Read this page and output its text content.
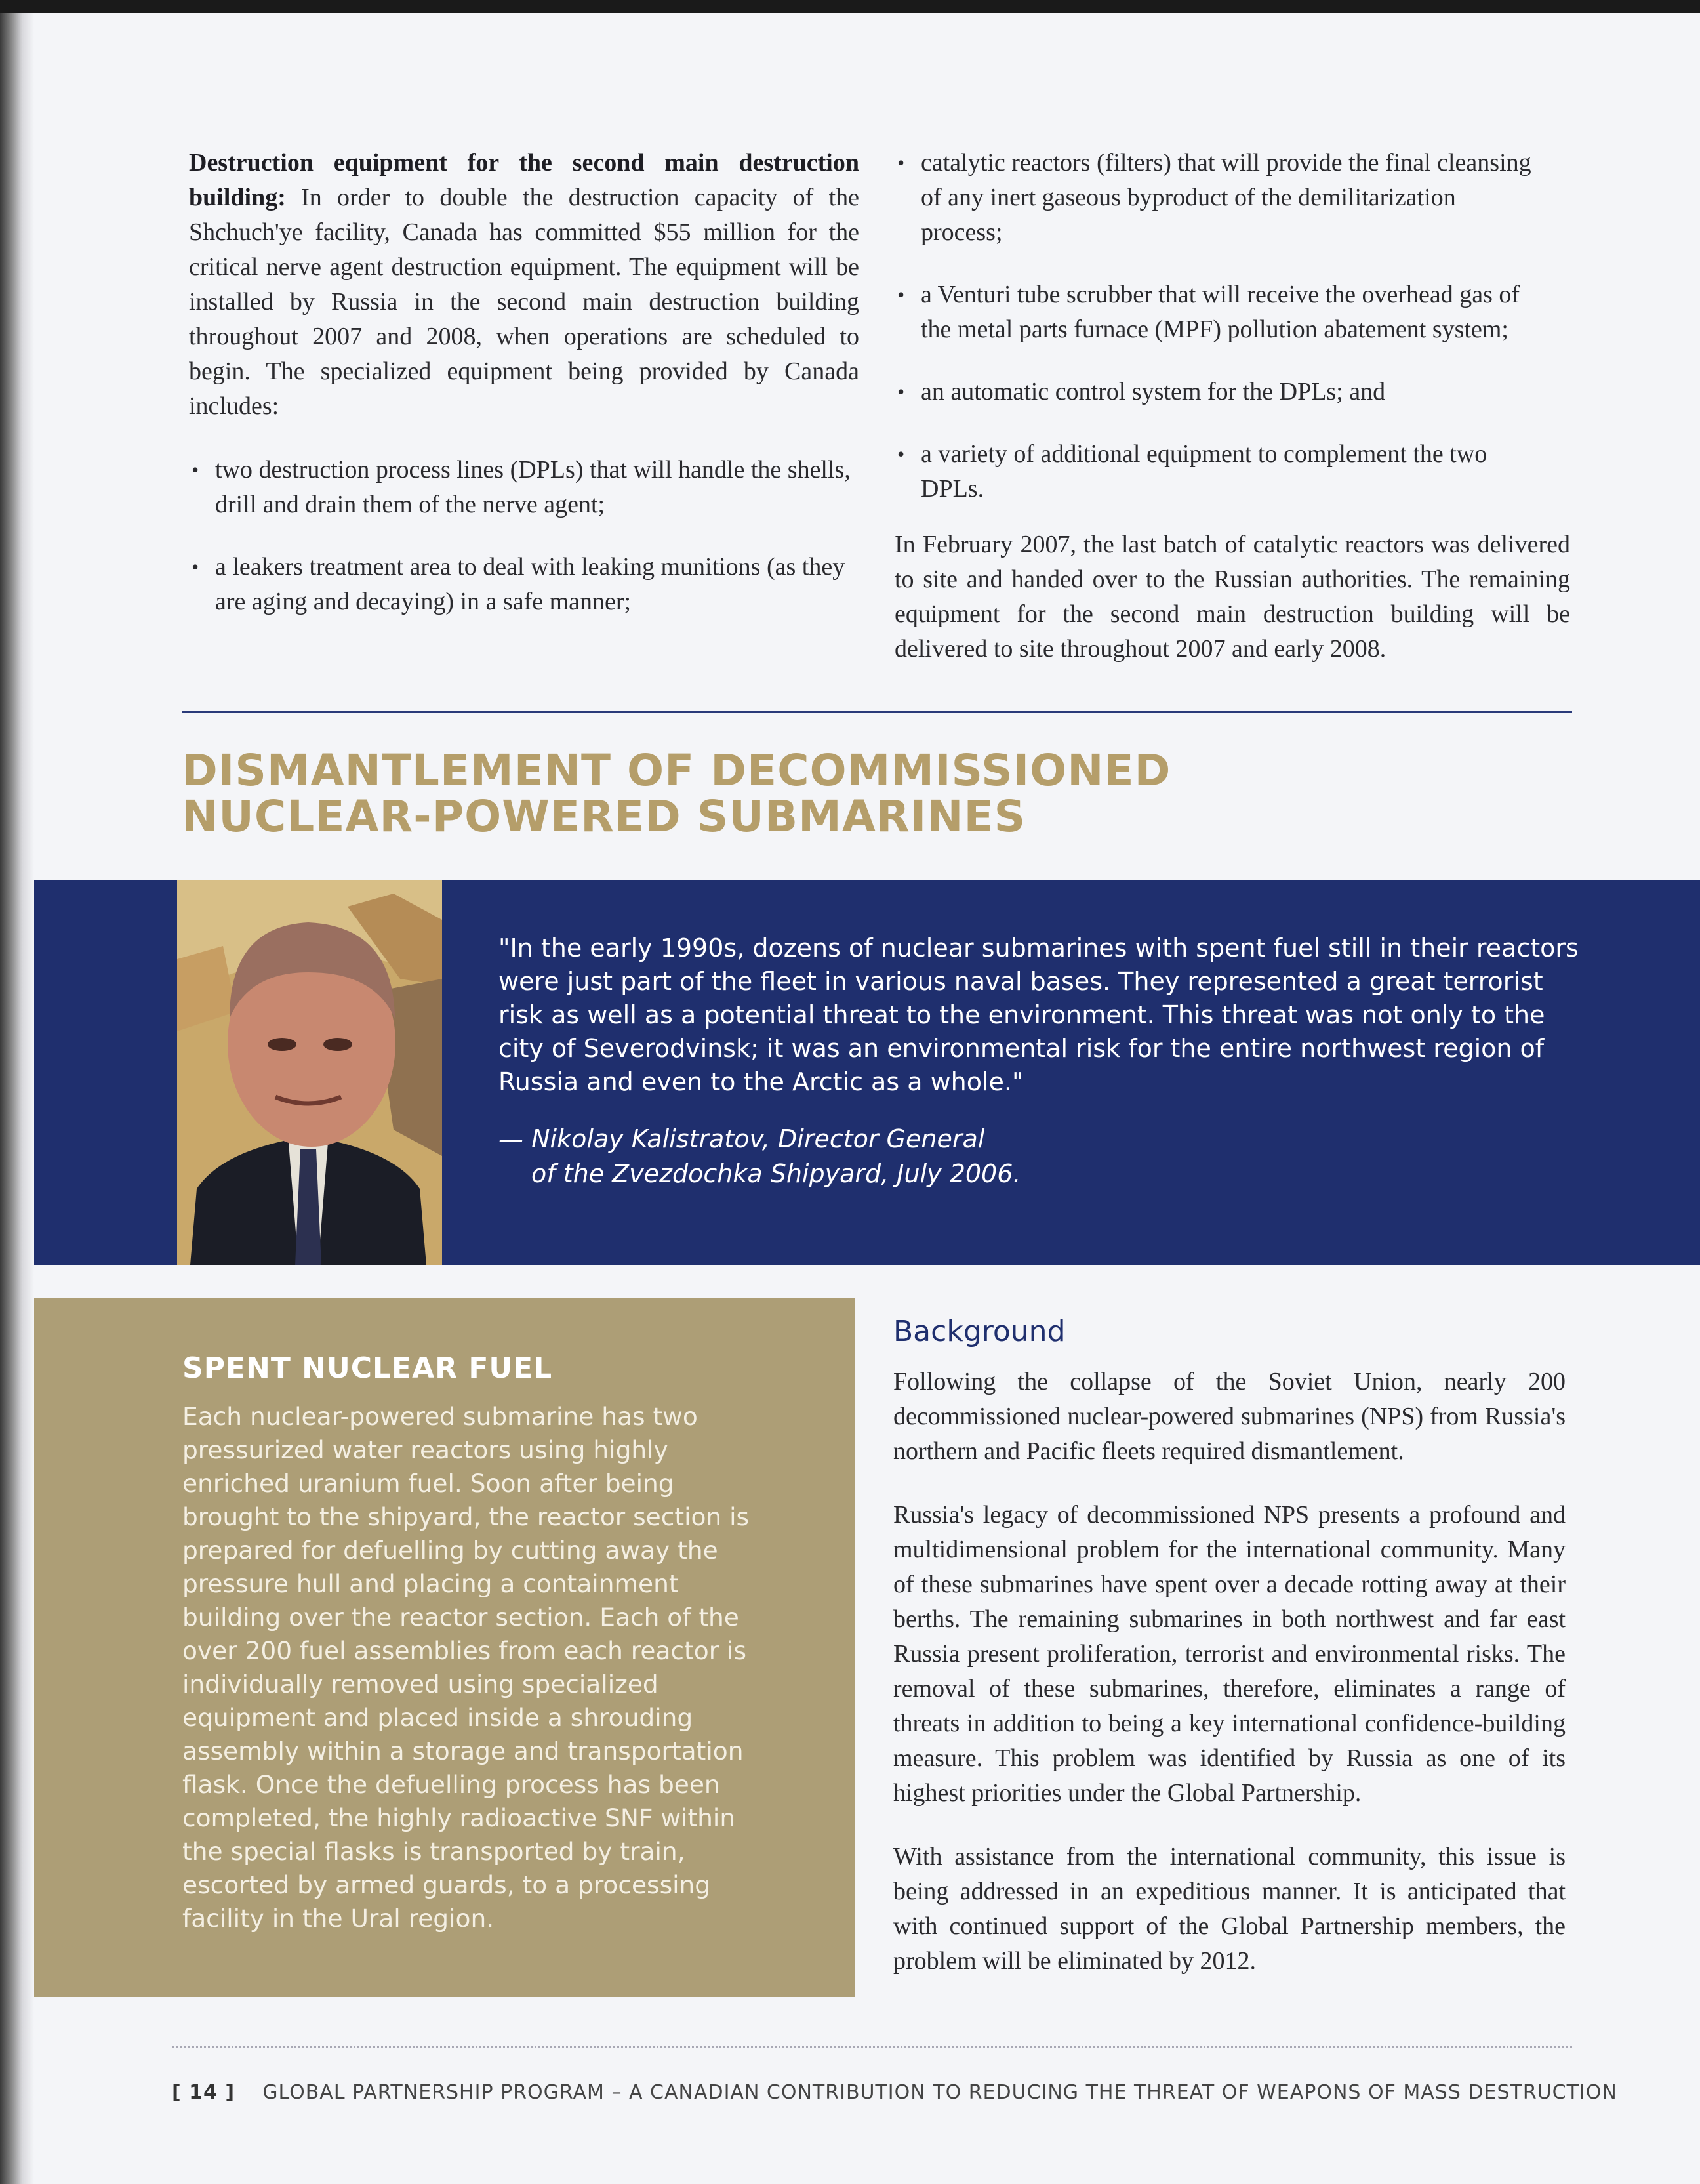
Destruction equipment for the second main destruction building: In order to double the destruction capacity of the Shchuch'ye facility, Canada has committed $55 million for the critical nerve agent destruction equipment. The equipment will be installed by Russia in the second main destruction building throughout 2007 and 2008, when operations are scheduled to begin. The specialized equipment being provided by Canada includes:

• two destruction process lines (DPLs) that will handle the shells, drill and drain them of the nerve agent;
• a leakers treatment area to deal with leaking munitions (as they are aging and decaying) in a safe manner;
• catalytic reactors (filters) that will provide the final cleansing of any inert gaseous byproduct of the demilitarization process;
• a Venturi tube scrubber that will receive the overhead gas of the metal parts furnace (MPF) pollution abatement system;
• an automatic control system for the DPLs; and
• a variety of additional equipment to complement the two DPLs.

In February 2007, the last batch of catalytic reactors was delivered to site and handed over to the Russian authorities. The remaining equipment for the second main destruction building will be delivered to site throughout 2007 and early 2008.

DISMANTLEMENT OF DECOMMISSIONED
NUCLEAR-POWERED SUBMARINES
"In the early 1990s, dozens of nuclear submarines with spent fuel still in their reactors were just part of the fleet in various naval bases. They represented a great terrorist risk as well as a potential threat to the environment. This threat was not only to the city of Severodvinsk; it was an environmental risk for the entire northwest region of Russia and even to the Arctic as a whole."
— Nikolay Kalistratov, Director General
of the Zvezdochka Shipyard, July 2006.
SPENT NUCLEAR FUEL
Each nuclear-powered submarine has two pressurized water reactors using highly enriched uranium fuel. Soon after being brought to the shipyard, the reactor section is prepared for defuelling by cutting away the pressure hull and placing a containment building over the reactor section. Each of the over 200 fuel assemblies from each reactor is individually removed using specialized equipment and placed inside a shrouding assembly within a storage and transportation flask. Once the defuelling process has been completed, the highly radioactive SNF within the special flasks is transported by train, escorted by armed guards, to a processing facility in the Ural region.
Background

Following the collapse of the Soviet Union, nearly 200 decommissioned nuclear-powered submarines (NPS) from Russia's northern and Pacific fleets required dismantlement.

Russia's legacy of decommissioned NPS presents a profound and multidimensional problem for the international community. Many of these submarines have spent over a decade rotting away at their berths. The remaining submarines in both northwest and far east Russia present proliferation, terrorist and environmental risks. The removal of these submarines, therefore, eliminates a range of threats in addition to being a key international confidence-building measure. This problem was identified by Russia as one of its highest priorities under the Global Partnership.

With assistance from the international community, this issue is being addressed in an expeditious manner. It is anticipated that with continued support of the Global Partnership members, the problem will be eliminated by 2012.

[ 14 ] GLOBAL PARTNERSHIP PROGRAM – A CANADIAN CONTRIBUTION TO REDUCING THE THREAT OF WEAPONS OF MASS DESTRUCTION
